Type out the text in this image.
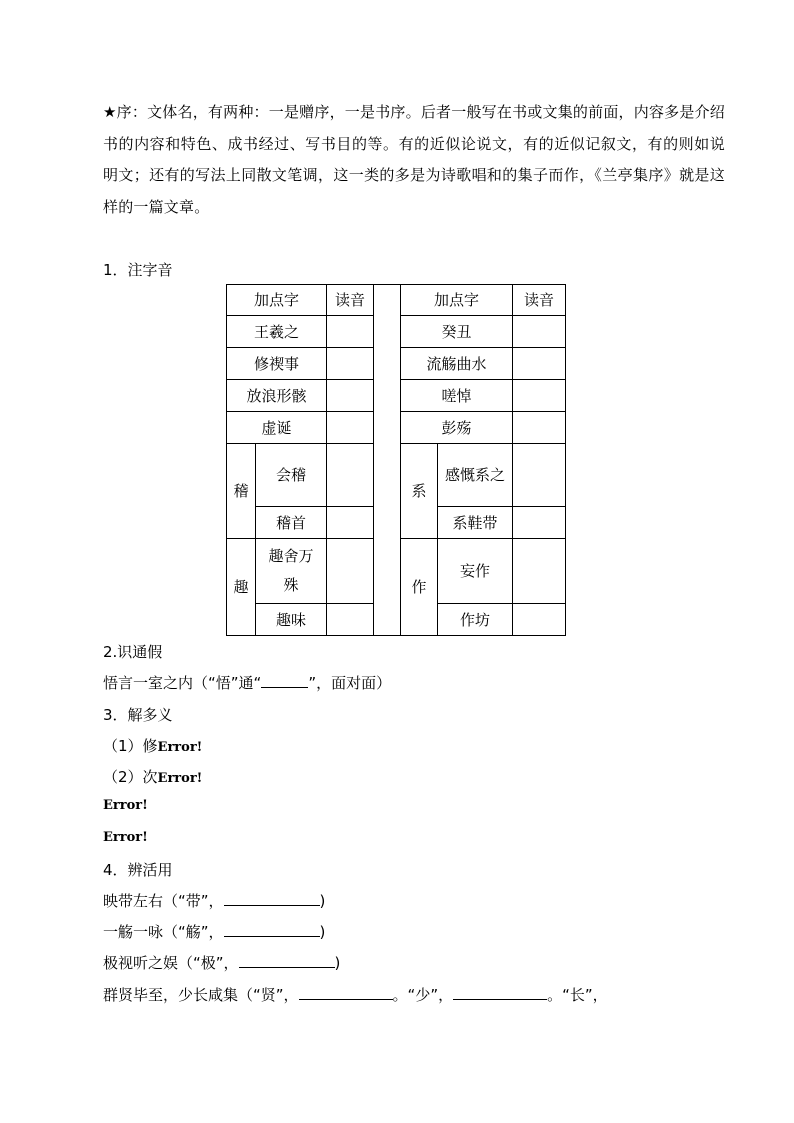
★序：文体名，有两种：一是赠序，一是书序。后者一般写在书或文集的前面，内容多是介绍书的内容和特色、成书经过、写书目的等。有的近似论说文，有的近似记叙文，有的则如说明文；还有的写法上同散文笔调，这一类的多是为诗歌唱和的集子而作，《兰亭集序》就是这样的一篇文章。
1．注字音
加点字		读音		加点字		读音
王羲之				癸丑		
修禊事				流觞曲水		
放浪形骸				嗟悼		
虚诞				彭殇		
稽	会稽			系	感慨系之	
	稽首				系鞋带	
趣	趣舍万殊			作	妄作	
	趣味				作坊	
2.识通假
悟言一室之内（“悟”通“	”，面对面）
3．解多义
（1）修Error!
（2）次Error!
Error!
Error!
4．辨活用
映带左右（“带”，	)
一觞一咏（“觞”，	)
极视听之娱（“极”，	)
群贤毕至，少长咸集（“贤”，	。“少”，	。“长”，
